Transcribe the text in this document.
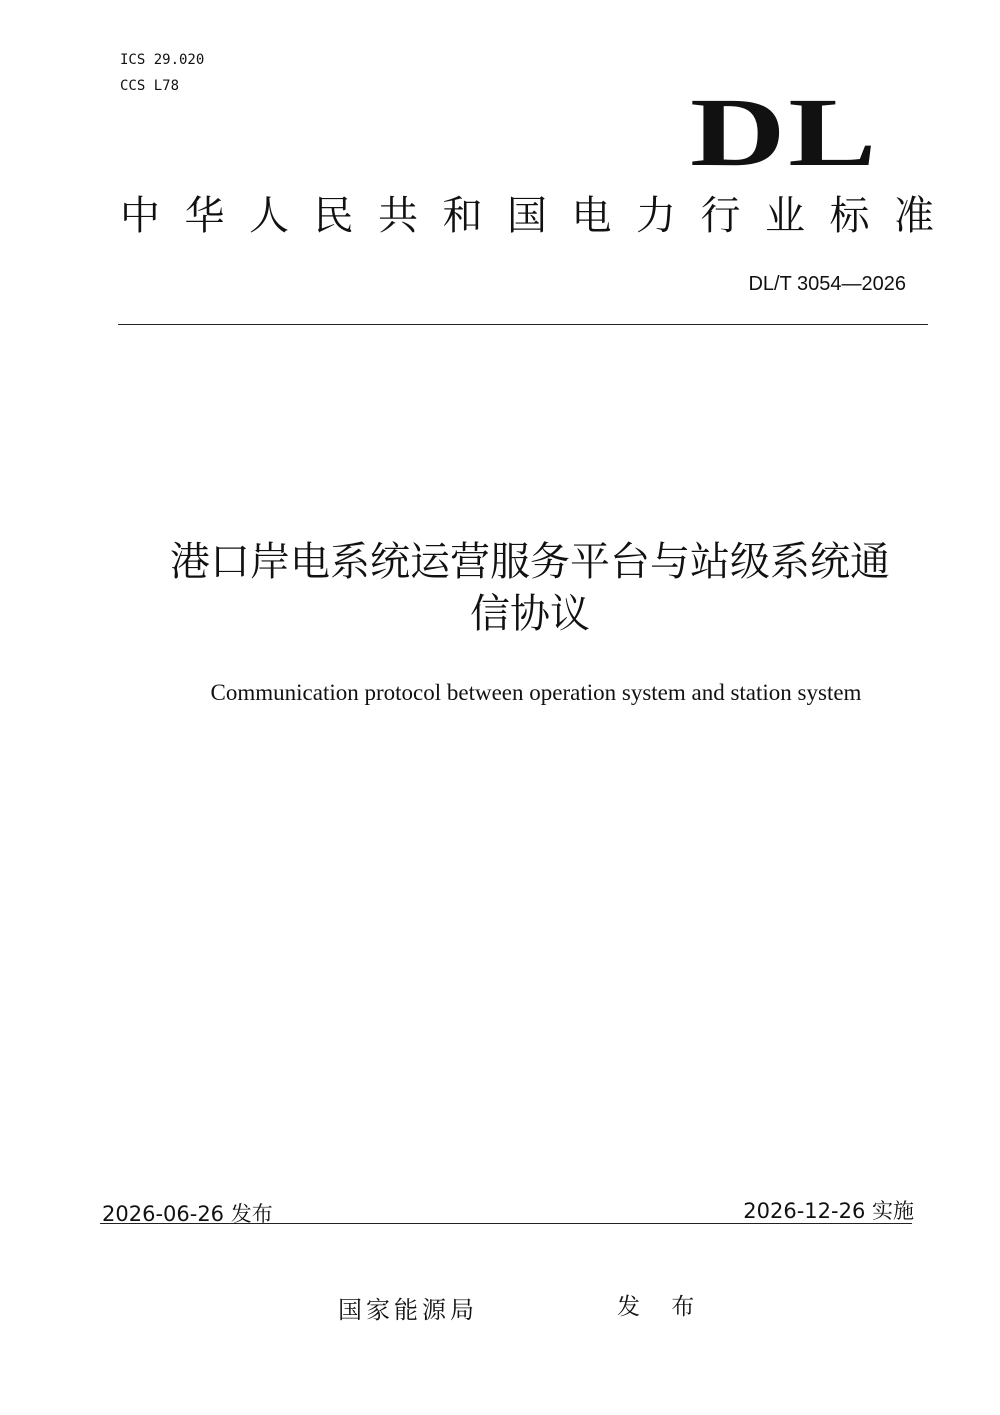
ICS 29.020
CCS L78	DL
中华人民共和国电力行业标准
DL/T 3054—2026
港口岸电系统运营服务平台与站级系统通
信协议
Communication protocol between operation system and station system
2026-06-26 发布	2026-12-26 实施
国家能源局	发 布
